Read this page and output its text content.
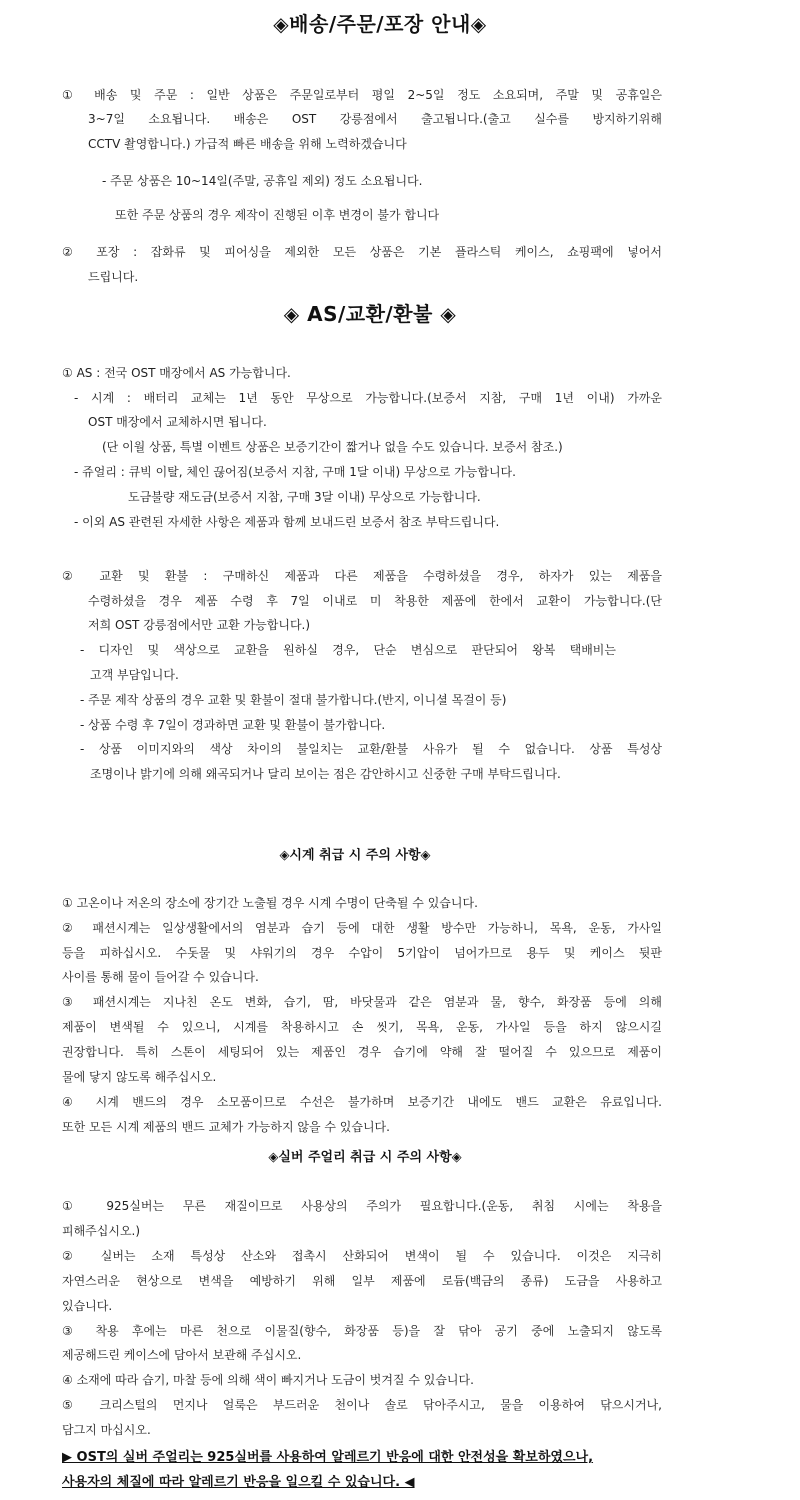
◈배송/주문/포장 안내◈
① 배송 및 주문 : 일반 상품은 주문일로부터 평일 2~5일 정도 소요되며, 주말 및 공휴일은
3~7일 소요됩니다. 배송은 OST 강릉점에서 출고됩니다.(출고 실수를 방지하기위해
CCTV 촬영합니다.) 가급적 빠른 배송을 위해 노력하겠습니다
- 주문 상품은 10~14일(주말, 공휴일 제외) 정도 소요됩니다.
또한 주문 상품의 경우 제작이 진행된 이후 변경이 불가 합니다
② 포장 : 잡화류 및 피어싱을 제외한 모든 상품은 기본 플라스틱 케이스, 쇼핑팩에 넣어서
드립니다.
◈ AS/교환/환불 ◈
① AS : 전국 OST 매장에서 AS 가능합니다.
- 시계 : 배터리 교체는 1년 동안 무상으로 가능합니다.(보증서 지참, 구매 1년 이내) 가까운
OST 매장에서 교체하시면 됩니다.
(단 이월 상품, 특별 이벤트 상품은 보증기간이 짧거나 없을 수도 있습니다. 보증서 참조.)
- 쥬얼리 : 큐빅 이탈, 체인 끊어짐(보증서 지참, 구매 1달 이내) 무상으로 가능합니다.
도금불량 재도금(보증서 지참, 구매 3달 이내) 무상으로 가능합니다.
- 이외 AS 관련된 자세한 사항은 제품과 함께 보내드린 보증서 참조 부탁드립니다.
② 교환 및 환불 : 구매하신 제품과 다른 제품을 수령하셨을 경우, 하자가 있는 제품을
수령하셨을 경우 제품 수령 후 7일 이내로 미 착용한 제품에 한에서 교환이 가능합니다.(단
저희 OST 강릉점에서만 교환 가능합니다.)
- 디자인 및 색상으로 교환을 원하실 경우, 단순 변심으로 판단되어 왕복 택배비는
고객 부담입니다.
- 주문 제작 상품의 경우 교환 및 환불이 절대 불가합니다.(반지, 이니셜 목걸이 등)
- 상품 수령 후 7일이 경과하면 교환 및 환불이 불가합니다.
- 상품 이미지와의 색상 차이의 불일치는 교환/환불 사유가 될 수 없습니다. 상품 특성상
조명이나 밝기에 의해 왜곡되거나 달리 보이는 점은 감안하시고 신중한 구매 부탁드립니다.
◈시계 취급 시 주의 사항◈
① 고온이나 저온의 장소에 장기간 노출될 경우 시계 수명이 단축될 수 있습니다.
② 패션시계는 일상생활에서의 염분과 습기 등에 대한 생활 방수만 가능하니, 목욕, 운동, 가사일
등을 피하십시오. 수돗물 및 샤워기의 경우 수압이 5기압이 넘어가므로 용두 및 케이스 뒷판
사이를 통해 물이 들어갈 수 있습니다.
③ 패션시계는 지나친 온도 변화, 습기, 땀, 바닷물과 같은 염분과 물, 향수, 화장품 등에 의해
제품이 변색될 수 있으니, 시계를 착용하시고 손 씻기, 목욕, 운동, 가사일 등을 하지 않으시길
권장합니다. 특히 스톤이 세팅되어 있는 제품인 경우 습기에 약해 잘 떨어질 수 있으므로 제품이
물에 닿지 않도록 해주십시오.
④ 시계 밴드의 경우 소모품이므로 수선은 불가하며 보증기간 내에도 밴드 교환은 유료입니다.
또한 모든 시계 제품의 밴드 교체가 가능하지 않을 수 있습니다.
◈실버 주얼리 취급 시 주의 사항◈
① 925실버는 무른 재질이므로 사용상의 주의가 필요합니다.(운동, 취침 시에는 착용을
피해주십시오.)
② 실버는 소재 특성상 산소와 접촉시 산화되어 변색이 될 수 있습니다. 이것은 지극히
자연스러운 현상으로 변색을 예방하기 위해 일부 제품에 로듐(백금의 종류) 도금을 사용하고
있습니다.
③ 착용 후에는 마른 천으로 이물질(향수, 화장품 등)을 잘 닦아 공기 중에 노출되지 않도록
제공해드린 케이스에 담아서 보관해 주십시오.
④ 소재에 따라 습기, 마찰 등에 의해 색이 빠지거나 도금이 벗겨질 수 있습니다.
⑤ 크리스털의 먼지나 얼룩은 부드러운 천이나 솔로 닦아주시고, 물을 이용하여 닦으시거나,
담그지 마십시오.
▶ OST의 실버 주얼리는 925실버를 사용하여 알레르기 반응에 대한 안전성을 확보하였으나,
사용자의 체질에 따라 알레르기 반응을 일으킬 수 있습니다. ◀
